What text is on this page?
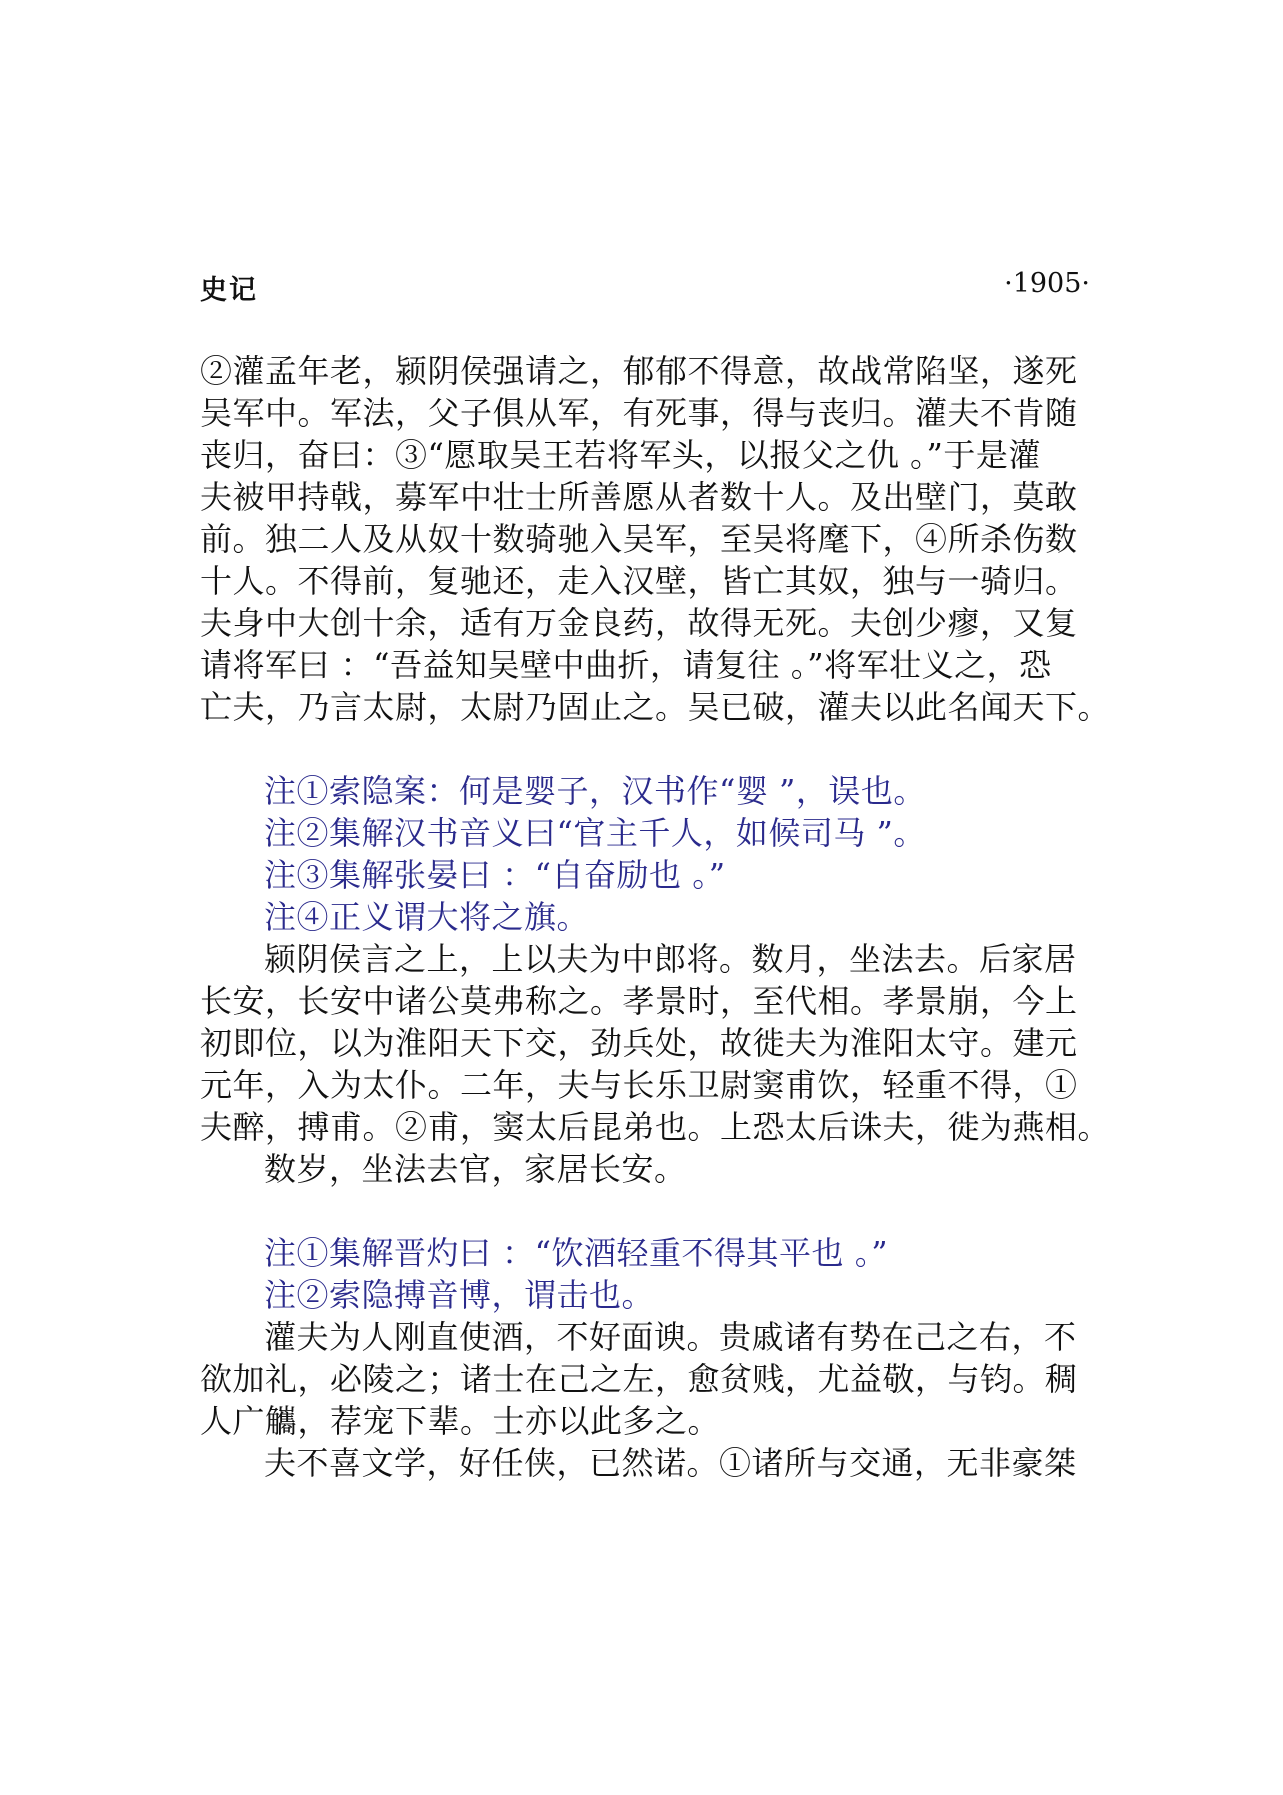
史记	·1905·
②灌孟年老，颍阴侯强请之，郁郁不得意，故战常陷坚，遂死
吴军中。军法，父子俱从军，有死事，得与丧归。灌夫不肯随
丧归，奋曰：③“愿取吴王若将军头，以报父之仇 。”于是灌
夫被甲持戟，募军中壮士所善愿从者数十人。及出壁门，莫敢
前。独二人及从奴十数骑驰入吴军，至吴将麾下，④所杀伤数
十人。不得前，复驰还，走入汉壁，皆亡其奴，独与一骑归。
夫身中大创十余，适有万金良药，故得无死。夫创少瘳，又复
请将军曰 ：“吾益知吴壁中曲折，请复往 。”将军壮义之，恐
亡夫，乃言太尉，太尉乃固止之。吴已破，灌夫以此名闻天下。
注①索隐案：何是婴子，汉书作“婴 ”，误也。
注②集解汉书音义曰“官主千人，如候司马 ”。
注③集解张晏曰 ：“自奋励也 。”
注④正义谓大将之旗。
颍阴侯言之上，上以夫为中郎将。数月，坐法去。后家居
长安，长安中诸公莫弗称之。孝景时，至代相。孝景崩，今上
初即位，以为淮阳天下交，劲兵处，故徙夫为淮阳太守。建元
元年，入为太仆。二年，夫与长乐卫尉窦甫饮，轻重不得，①
夫醉，搏甫。②甫，窦太后昆弟也。上恐太后诛夫，徙为燕相。
数岁，坐法去官，家居长安。
注①集解晋灼曰 ：“饮酒轻重不得其平也 。”
注②索隐搏音博，谓击也。
灌夫为人刚直使酒，不好面谀。贵戚诸有势在己之右，不
欲加礼，必陵之；诸士在己之左，愈贫贱，尤益敬，与钧。稠
人广觿，荐宠下辈。士亦以此多之。
夫不喜文学，好任侠，已然诺。①诸所与交通，无非豪桀
